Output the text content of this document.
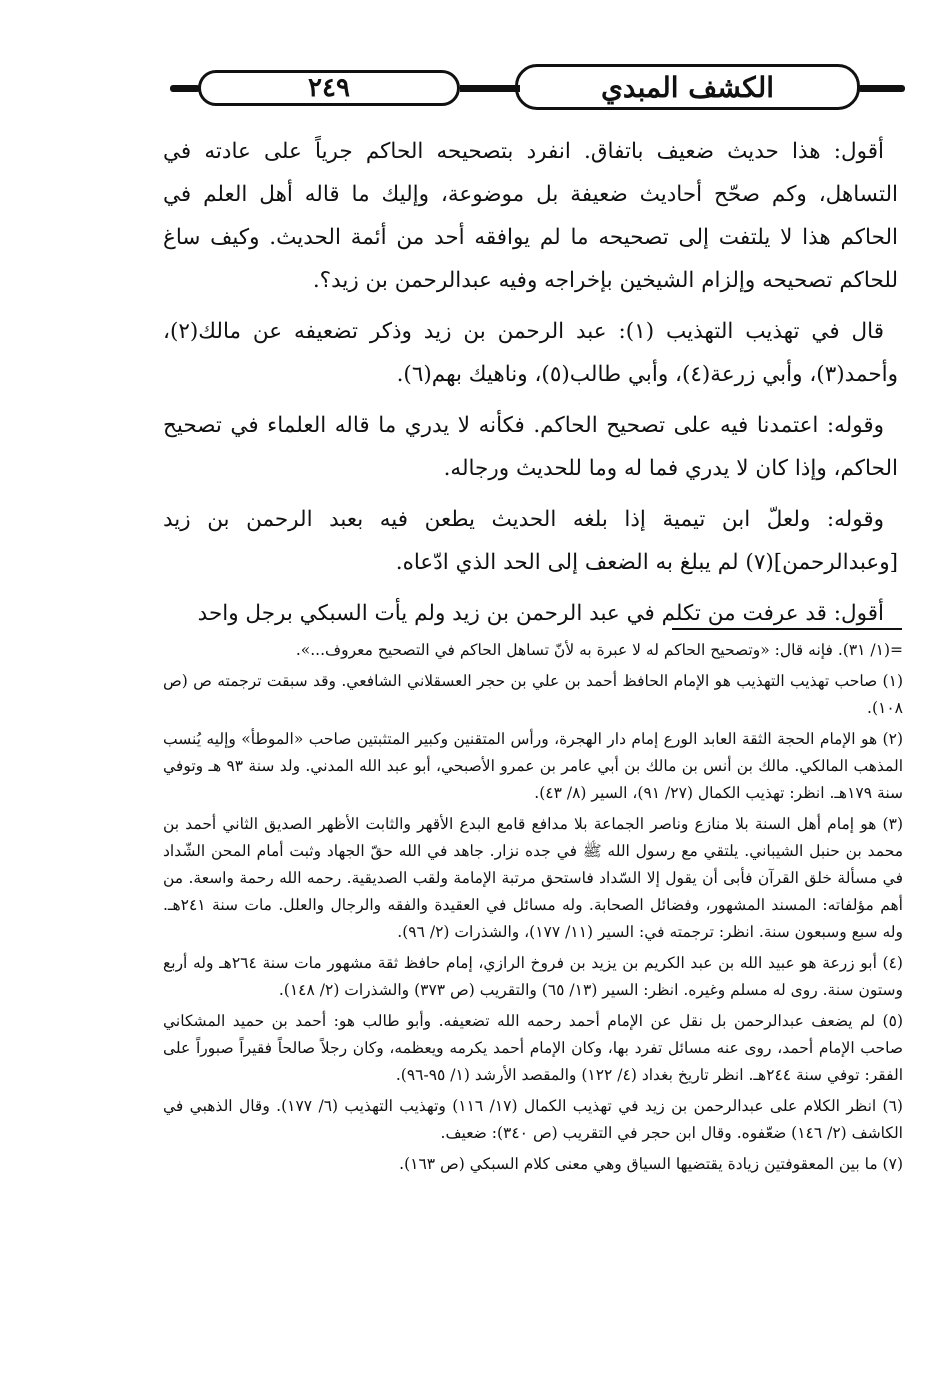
٢٤٩	الكشف المبدي

أقول: هذا حديث ضعيف باتفاق. انفرد بتصحيحه الحاكم جرياً على عادته في التساهل، وكم صحّح أحاديث ضعيفة بل موضوعة، وإليك ما قاله أهل العلم في الحاكم هذا لا يلتفت إلى تصحيحه ما لم يوافقه أحد من أئمة الحديث. وكيف ساغ للحاكم تصحيحه وإلزام الشيخين بإخراجه وفيه عبدالرحمن بن زيد؟.

قال في تهذيب التهذيب (١): عبد الرحمن بن زيد وذكر تضعيفه عن مالك(٢)، وأحمد(٣)، وأبي زرعة(٤)، وأبي طالب(٥)، وناهيك بهم(٦).

وقوله: اعتمدنا فيه على تصحيح الحاكم. فكأنه لا يدري ما قاله العلماء في تصحيح الحاكم، وإذا كان لا يدري فما له وما للحديث ورجاله.

وقوله: ولعلّ ابن تيمية إذا بلغه الحديث يطعن فيه بعبد الرحمن بن زيد [وعبدالرحمن](٧) لم يبلغ به الضعف إلى الحد الذي ادّعاه.

أقول: قد عرفت من تكلم في عبد الرحمن بن زيد ولم يأت السبكي برجل واحد

=(١/ ٣١). فإنه قال: «وتصحيح الحاكم له لا عبرة به لأنّ تساهل الحاكم في التصحيح معروف...».

(١) صاحب تهذيب التهذيب هو الإمام الحافظ أحمد بن علي بن حجر العسقلاني الشافعي. وقد سبقت ترجمته ص (ص ١٠٨).

(٢) هو الإمام الحجة الثقة العابد الورع إمام دار الهجرة، ورأس المتقنين وكبير المتثبتين صاحب «الموطأ» وإليه يُنسب المذهب المالكي. مالك بن أنس بن مالك بن أبي عامر بن عمرو الأصبحي، أبو عبد الله المدني. ولد سنة ٩٣ هـ وتوفي سنة ١٧٩هـ. انظر: تهذيب الكمال (٢٧/ ٩١)، السير (٨/ ٤٣).

(٣) هو إمام أهل السنة بلا منازع وناصر الجماعة بلا مدافع قامع البدع الأقهر والثابت الأظهر الصديق الثاني أحمد بن محمد بن حنبل الشيباني. يلتقي مع رسول الله ﷺ في جده نزار. جاهد في الله حقّ الجهاد وثبت أمام المحن الشّداد في مسألة خلق القرآن فأبى أن يقول إلا السّداد فاستحق مرتبة الإمامة ولقب الصديقية. رحمه الله رحمة واسعة. من أهم مؤلفاته: المسند المشهور، وفضائل الصحابة. وله مسائل في العقيدة والفقه والرجال والعلل. مات سنة ٢٤١هـ. وله سبع وسبعون سنة. انظر: ترجمته في: السير (١١/ ١٧٧)، والشذرات (٢/ ٩٦).

(٤) أبو زرعة هو عبيد الله بن عبد الكريم بن يزيد بن فروخ الرازي، إمام حافظ ثقة مشهور مات سنة ٢٦٤هـ وله أربع وستون سنة. روى له مسلم وغيره. انظر: السير (١٣/ ٦٥) والتقريب (ص ٣٧٣) والشذرات (٢/ ١٤٨).

(٥) لم يضعف عبدالرحمن بل نقل عن الإمام أحمد رحمه الله تضعيفه. وأبو طالب هو: أحمد بن حميد المشكاني صاحب الإمام أحمد، روى عنه مسائل تفرد بها، وكان الإمام أحمد يكرمه ويعظمه، وكان رجلاً صالحاً فقيراً صبوراً على الفقر: توفي سنة ٢٤٤هـ. انظر تاريخ بغداد (٤/ ١٢٢) والمقصد الأرشد (١/ ٩٥-٩٦).

(٦) انظر الكلام على عبدالرحمن بن زيد في تهذيب الكمال (١٧/ ١١٦) وتهذيب التهذيب (٦/ ١٧٧). وقال الذهبي في الكاشف (٢/ ١٤٦) ضعّفوه. وقال ابن حجر في التقريب (ص ٣٤٠): ضعيف.

(٧) ما بين المعقوفتين زيادة يقتضيها السياق وهي معنى كلام السبكي (ص ١٦٣).
